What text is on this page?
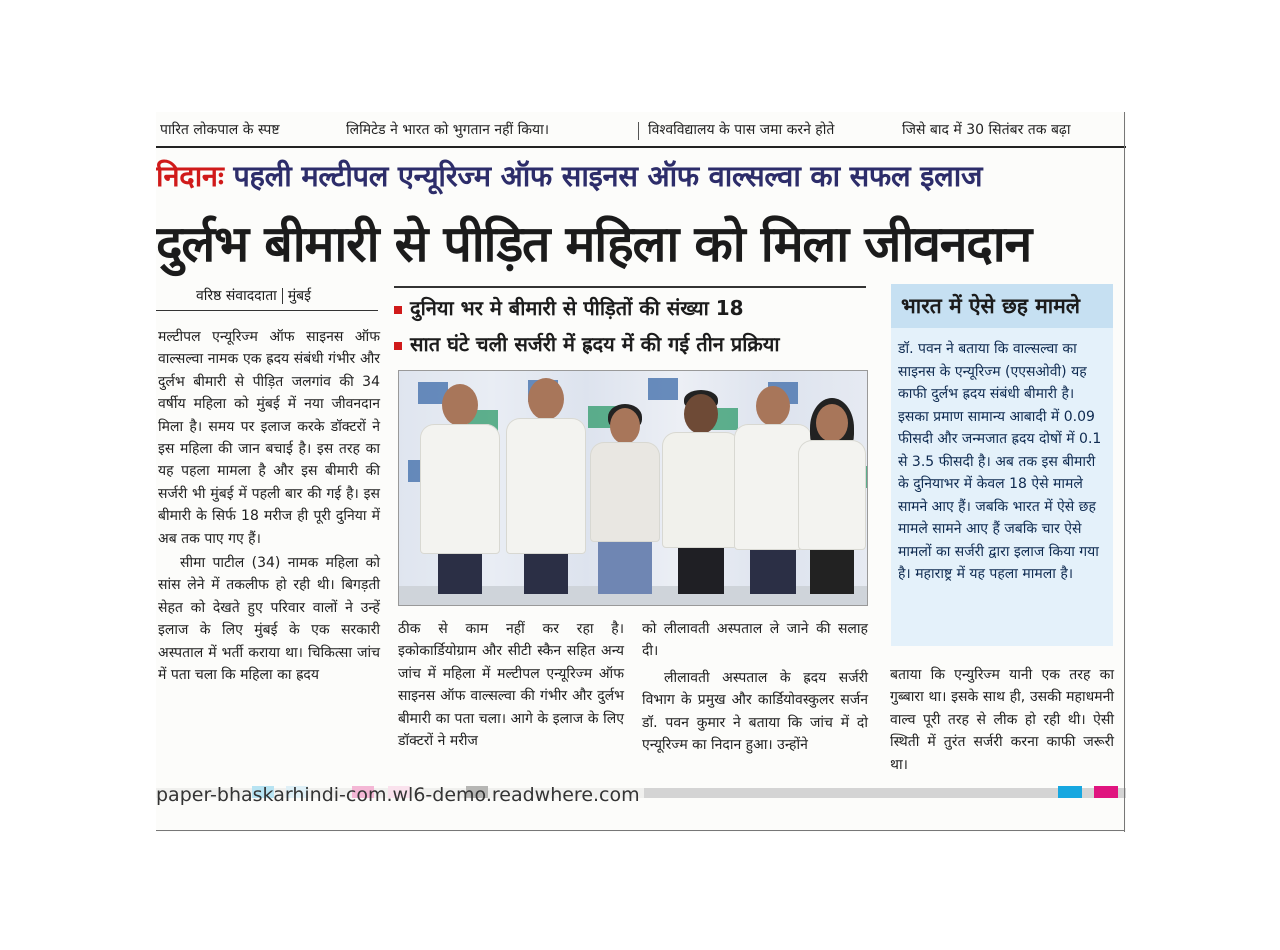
पारित लोकपाल के स्पष्ट	लिमिटेड ने भारत को भुगतान नहीं किया।	विश्वविद्यालय के पास जमा करने होते	जिसे बाद में 30 सितंबर तक बढ़ा
निदानः पहली मल्टीपल एन्यूरिज्म ऑफ साइनस ऑफ वाल्सल्वा का सफल इलाज
दुर्लभ बीमारी से पीड़ित महिला को मिला जीवनदान
वरिष्ठ संवाददाता मुंबई

मल्टीपल एन्यूरिज्म ऑफ साइनस ऑफ वाल्सल्वा नामक एक ह्रदय संबंधी गंभीर और दुर्लभ बीमारी से पीड़ित जलगांव की 34 वर्षीय महिला को मुंबई में नया जीवनदान मिला है। समय पर इलाज करके डॉक्टरों ने इस महिला की जान बचाई है। इस तरह का यह पहला मामला है और इस बीमारी की सर्जरी भी मुंबई में पहली बार की गई है। इस बीमारी के सिर्फ 18 मरीज ही पूरी दुनिया में अब तक पाए गए हैं।

सीमा पाटील (34) नामक महिला को सांस लेने में तकलीफ हो रही थी। बिगड़ती सेहत को देखते हुए परिवार वालों ने उन्हें इलाज के लिए मुंबई के एक सरकारी अस्पताल में भर्ती कराया था। चिकित्सा जांच में पता चला कि महिला का ह्रदय

दुनिया भर मे बीमारी से पीड़ितों की संख्या 18
सात घंटे चली सर्जरी में ह्रदय में की गई तीन प्रक्रिया

ठीक से काम नहीं कर रहा है। इकोकार्डियोग्राम और सीटी स्कैन सहित अन्य जांच में महिला में मल्टीपल एन्यूरिज्म ऑफ साइनस ऑफ वाल्सल्वा की गंभीर और दुर्लभ बीमारी का पता चला। आगे के इलाज के लिए डॉक्टरों ने मरीज

को लीलावती अस्पताल ले जाने की सलाह दी।

लीलावती अस्पताल के ह्रदय सर्जरी विभाग के प्रमुख और कार्डियोवस्कुलर सर्जन डॉ. पवन कुमार ने बताया कि जांच में दो एन्यूरिज्म का निदान हुआ। उन्होंने

भारत में ऐसे छह मामले
डॉ. पवन ने बताया कि वाल्सल्वा का साइनस के एन्यूरिज्म (एएसओवी) यह काफी दुर्लभ ह्रदय संबंधी बीमारी है। इसका प्रमाण सामान्य आबादी में 0.09 फीसदी और जन्मजात ह्रदय दोषों में 0.1 से 3.5 फीसदी है। अब तक इस बीमारी के दुनियाभर में केवल 18 ऐसे मामले सामने आए हैं। जबकि भारत में ऐसे छह मामले सामने आए हैं जबकि चार ऐसे मामलों का सर्जरी द्वारा इलाज किया गया है। महाराष्ट्र में यह पहला मामला है।

बताया कि एन्युरिज्म यानी एक तरह का गुब्बारा था। इसके साथ ही, उसकी महाधमनी वाल्व पूरी तरह से लीक हो रही थी। ऐसी स्थिती में तुरंत सर्जरी करना काफी जरूरी था।

paper-bhaskarhindi-com.wl6-demo.readwhere.com
